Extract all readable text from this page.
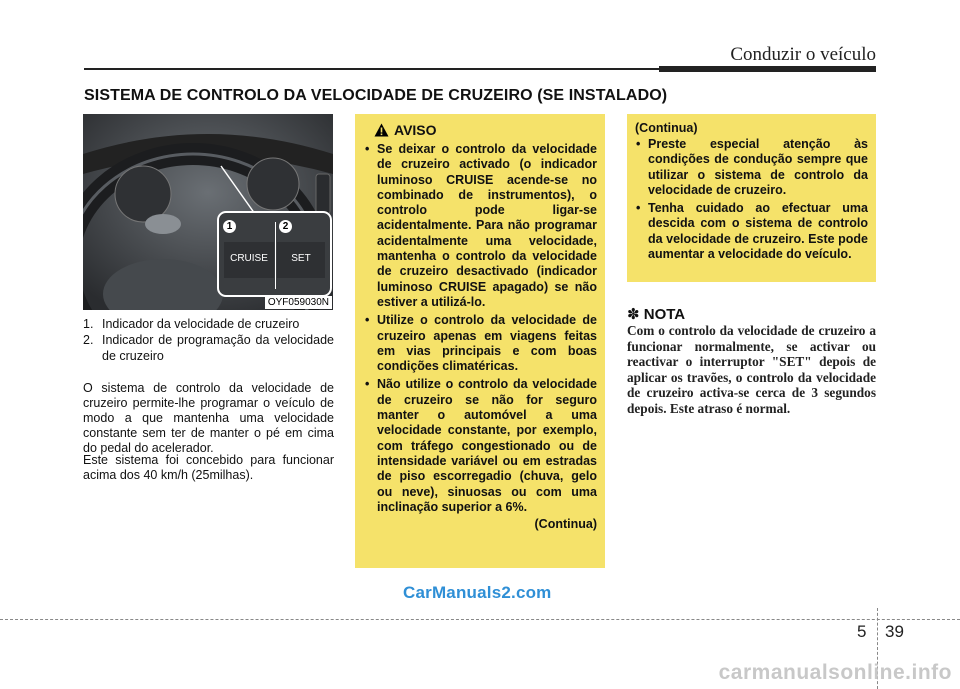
Conduzir o veículo
SISTEMA DE CONTROLO DA VELOCIDADE DE CRUZEIRO (SE INSTALADO)
1	2
CRUISE	SET
OYF059030N
1. Indicador da velocidade de cruzeiro
2. Indicador de programação da velocidade de cruzeiro

O sistema de controlo da velocidade de cruzeiro permite-lhe programar o veículo de modo a que mantenha uma velocidade constante sem ter de manter o pé em cima do pedal do acelerador.

Este sistema foi concebido para funcionar acima dos 40 km/h (25milhas).

AVISO
• Se deixar o controlo da velocidade de cruzeiro activado (o indicador luminoso CRUISE acende-se no combinado de instrumentos), o controlo pode ligar-se acidentalmente. Para não programar acidentalmente uma velocidade, mantenha o controlo da velocidade de cruzeiro desactivado (indicador luminoso CRUISE apagado) se não estiver a utilizá-lo.
• Utilize o controlo da velocidade de cruzeiro apenas em viagens feitas em vias principais e com boas condições climatéricas.
• Não utilize o controlo da velocidade de cruzeiro se não for seguro manter o automóvel a uma velocidade constante, por exemplo, com tráfego congestionado ou de intensidade variável ou em estradas de piso escorregadio (chuva, gelo ou neve), sinuosas ou com uma inclinação superior a 6%.
(Continua)
(Continua)
• Preste especial atenção às condições de condução sempre que utilizar o sistema de controlo da velocidade de cruzeiro.
• Tenha cuidado ao efectuar uma descida com o sistema de controlo da velocidade de cruzeiro. Este pode aumentar a velocidade do veículo.
✽ NOTA

Com o controlo da velocidade de cruzeiro a funcionar normalmente, se activar ou reactivar o interruptor "SET" depois de aplicar os travões, o controlo da velocidade de cruzeiro activa-se cerca de 3 segundos depois. Este atraso é normal.

CarManuals2.com
5 39
carmanualsonline.info
